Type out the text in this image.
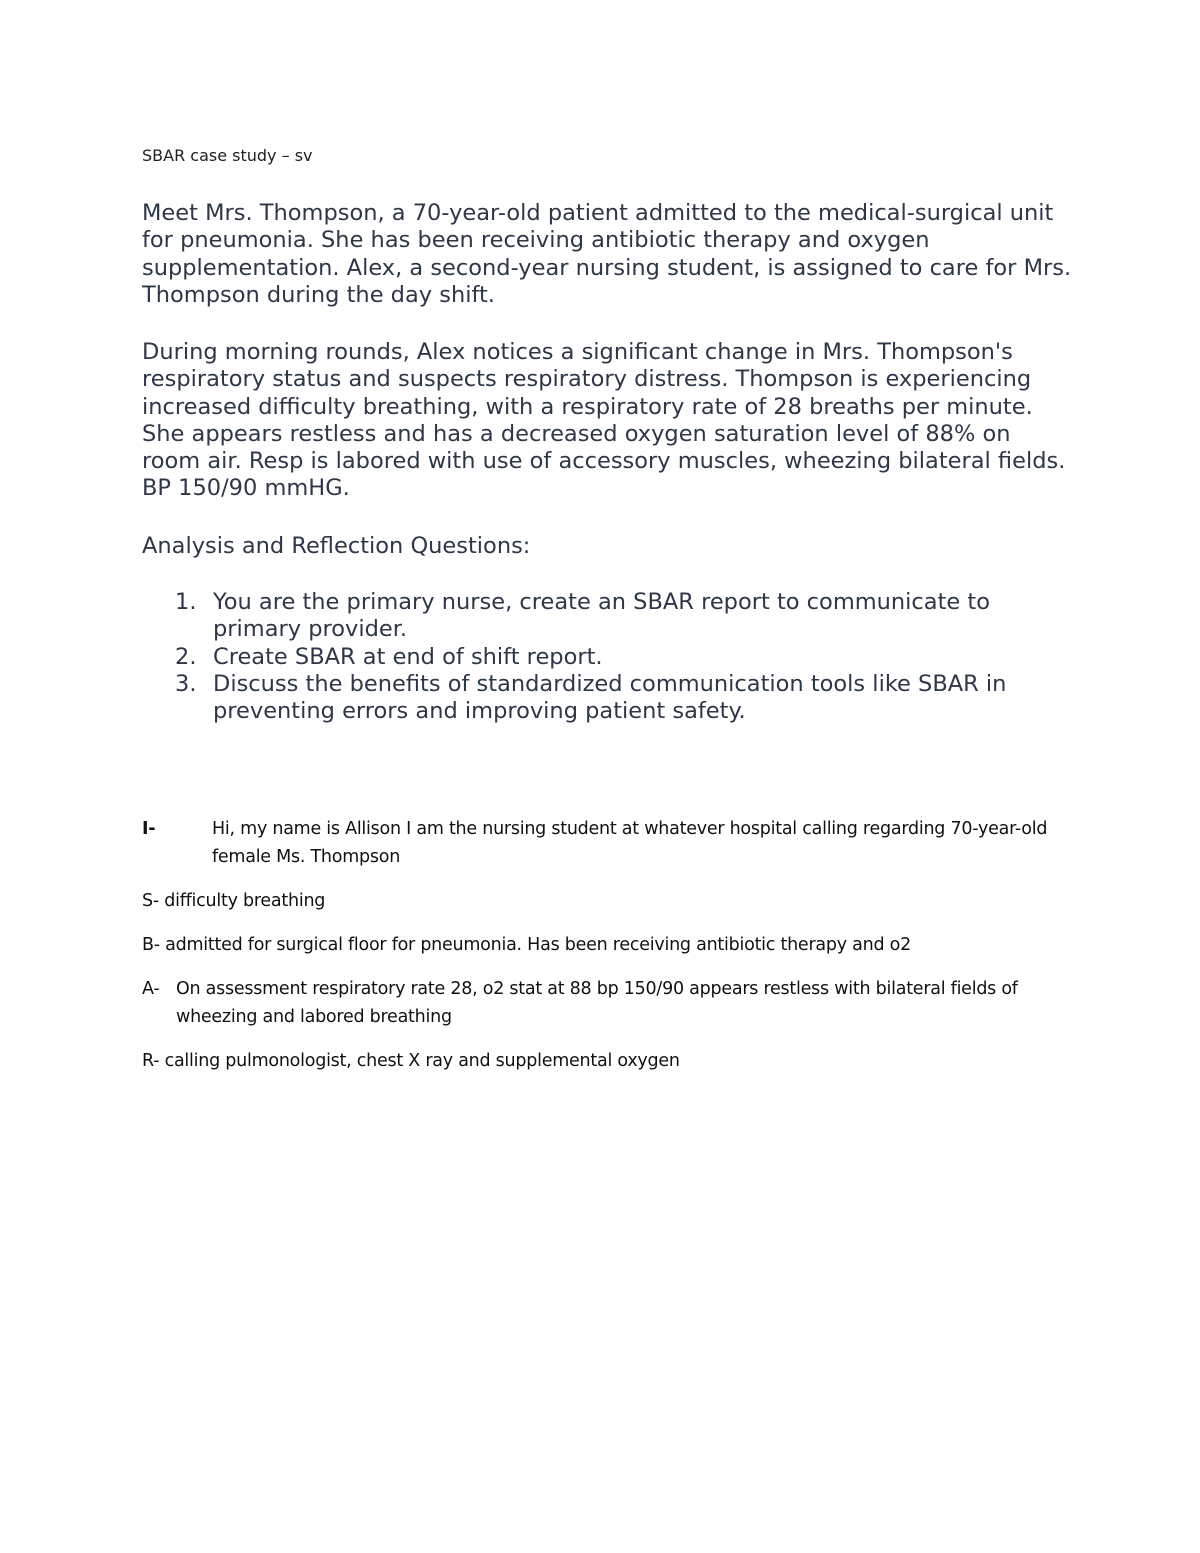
SBAR case study – sv

Meet Mrs. Thompson, a 70-year-old patient admitted to the medical-surgical unit for pneumonia. She has been receiving antibiotic therapy and oxygen supplementation. Alex, a second-year nursing student, is assigned to care for Mrs. Thompson during the day shift.

During morning rounds, Alex notices a significant change in Mrs. Thompson's respiratory status and suspects respiratory distress. Thompson is experiencing increased difficulty breathing, with a respiratory rate of 28 breaths per minute. She appears restless and has a decreased oxygen saturation level of 88% on room air. Resp is labored with use of accessory muscles, wheezing bilateral fields. BP 150/90 mmHG.

Analysis and Reflection Questions:

1. You are the primary nurse, create an SBAR report to communicate to primary provider.
2. Create SBAR at end of shift report.
3. Discuss the benefits of standardized communication tools like SBAR in preventing errors and improving patient safety.
I-	Hi, my name is Allison I am the nursing student at whatever hospital calling regarding 70-year-old female Ms. Thompson

S- difficulty breathing

B- admitted for surgical floor for pneumonia. Has been receiving antibiotic therapy and o2

A- On assessment respiratory rate 28, o2 stat at 88 bp 150/90 appears restless with bilateral fields of wheezing and labored breathing

R- calling pulmonologist, chest X ray and supplemental oxygen
